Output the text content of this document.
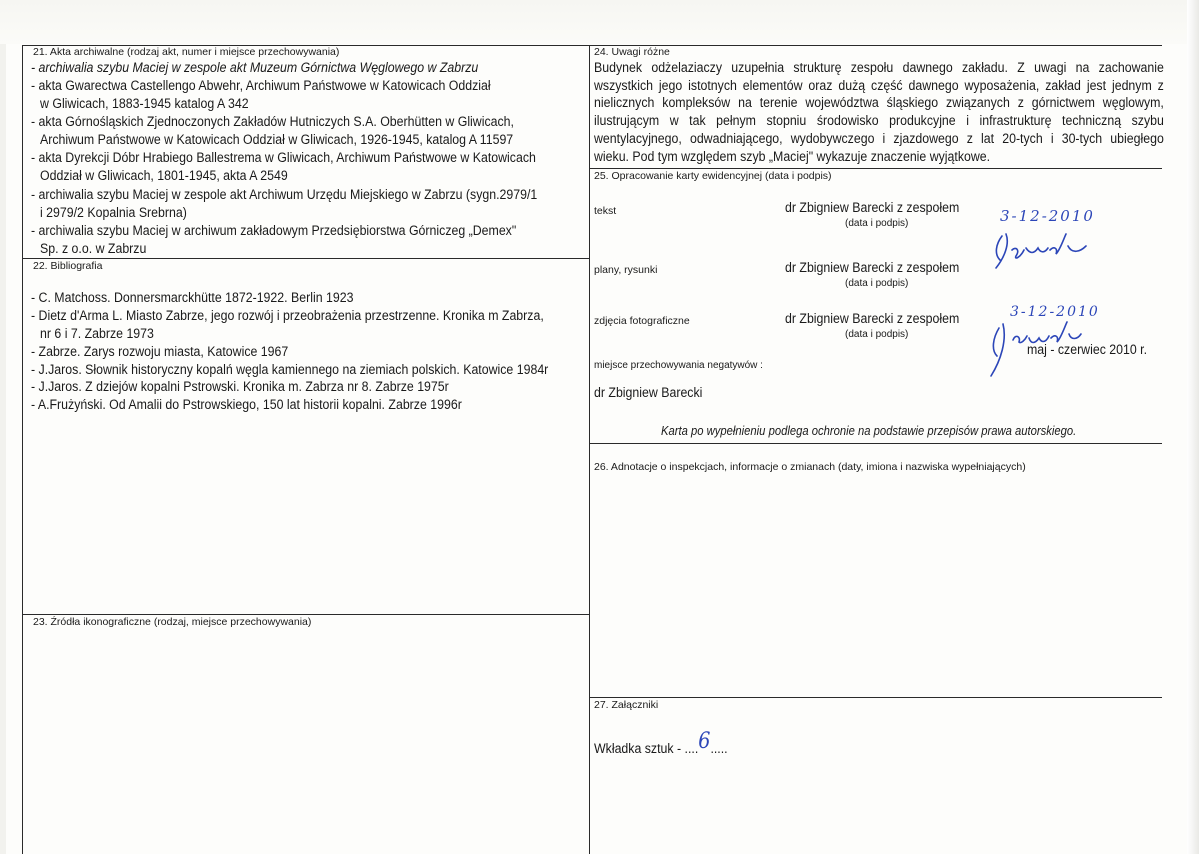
21. Akta archiwalne (rodzaj akt, numer i miejsce przechowywania)
- archiwalia szybu Maciej w zespole akt Muzeum Górnictwa Węglowego w Zabrzu
- akta Gwarectwa Castellengo Abwehr, Archiwum Państwowe w Katowicach Oddział
w Gliwicach, 1883-1945 katalog A 342
- akta Górnośląskich Zjednoczonych Zakładów Hutniczych S.A. Oberhütten w Gliwicach,
Archiwum Państwowe w Katowicach Oddział w Gliwicach, 1926-1945, katalog A 11597
- akta Dyrekcji Dóbr Hrabiego Ballestrema w Gliwicach, Archiwum Państwowe w Katowicach
Oddział w Gliwicach, 1801-1945, akta A 2549
- archiwalia szybu Maciej w zespole akt Archiwum Urzędu Miejskiego w Zabrzu (sygn.2979/1
i 2979/2 Kopalnia Srebrna)
- archiwalia szybu Maciej w archiwum zakładowym Przedsiębiorstwa Górniczeg „Demex"
Sp. z o.o. w Zabrzu
22. Bibliografia
- C. Matchoss. Donnersmarckhütte 1872-1922. Berlin 1923
- Dietz d'Arma L. Miasto Zabrze, jego rozwój i przeobrażenia przestrzenne. Kronika m Zabrza,
nr 6 i 7. Zabrze 1973
- Zabrze. Zarys rozwoju miasta, Katowice 1967
- J.Jaros. Słownik historyczny kopalń węgla kamiennego na ziemiach polskich. Katowice 1984r
- J.Jaros. Z dziejów kopalni Pstrowski. Kronika m. Zabrza nr 8. Zabrze 1975r
- A.Frużyński. Od Amalii do Pstrowskiego, 150 lat historii kopalni. Zabrze 1996r
23. Źródła ikonograficzne (rodzaj, miejsce przechowywania)
24. Uwagi różne
Budynek odżelaziaczy uzupełnia strukturę zespołu dawnego zakładu. Z uwagi na zachowanie
wszystkich jego istotnych elementów oraz dużą część dawnego wyposażenia, zakład jest jednym z
nielicznych kompleksów na terenie województwa śląskiego związanych z górnictwem węglowym,
ilustrującym w tak pełnym stopniu środowisko produkcyjne i infrastrukturę techniczną szybu
wentylacyjnego, odwadniającego, wydobywczego i zjazdowego z lat 20-tych i 30-tych ubiegłego
wieku. Pod tym względem szyb „Maciej" wykazuje znaczenie wyjątkowe.
25. Opracowanie karty ewidencyjnej (data i podpis)
tekst	dr Zbigniew Barecki z zespołem
(data i podpis)	3-12-2010
plany, rysunki	dr Zbigniew Barecki z zespołem
(data i podpis)
zdjęcia fotograficzne	dr Zbigniew Barecki z zespołem
(data i podpis)
3-12-2010
maj - czerwiec 2010 r.
miejsce przechowywania negatywów :
dr Zbigniew Barecki
Karta po wypełnieniu podlega ochronie na podstawie przepisów prawa autorskiego.
26. Adnotacje o inspekcjach, informacje o zmianach (daty, imiona i nazwiska wypełniających)
27. Załączniki
Wkładka sztuk - ....6.....
